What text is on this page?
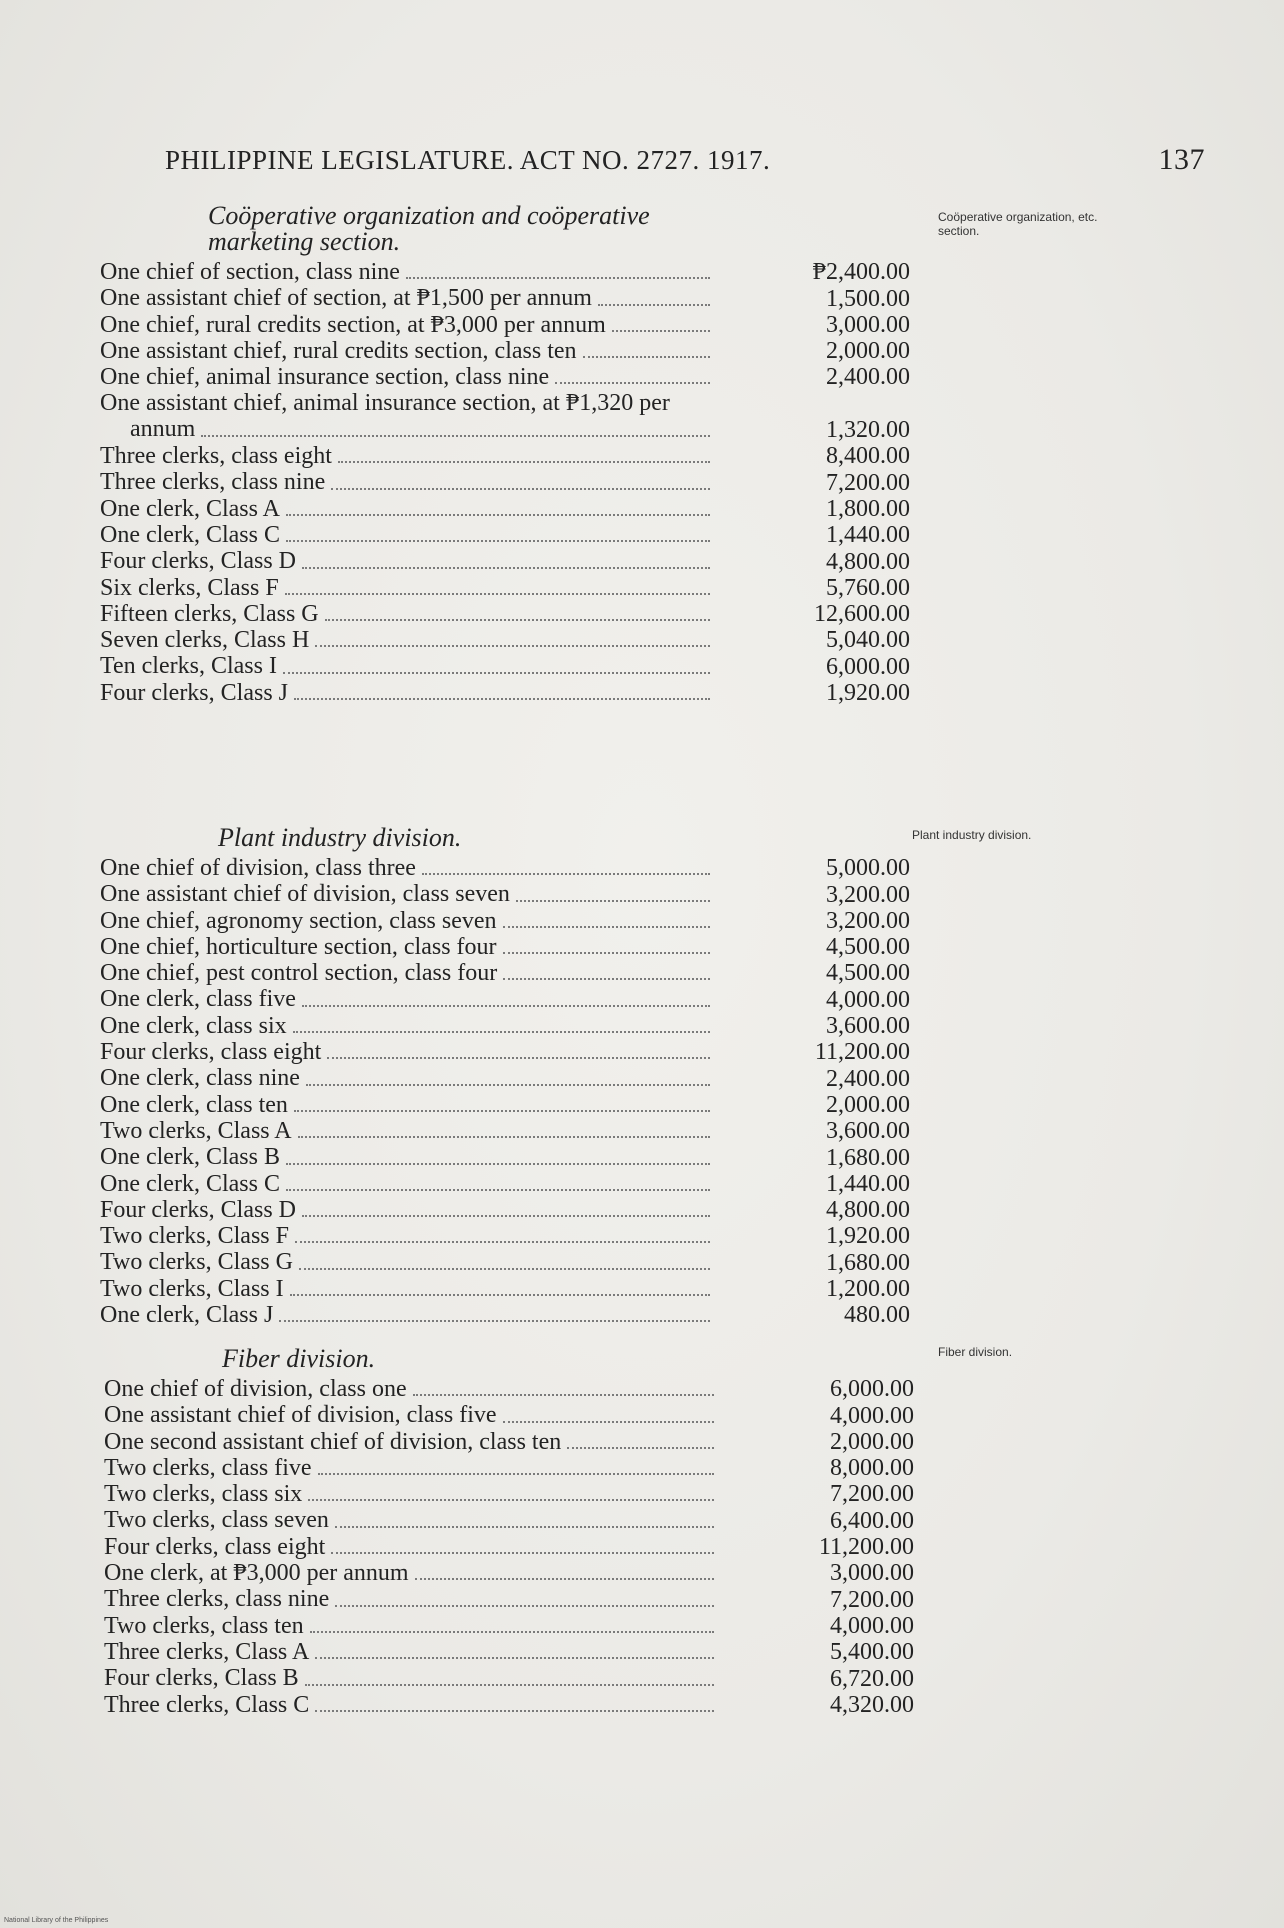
PHILIPPINE LEGISLATURE. ACT NO. 2727. 1917.	137
Coöperative organization and coöperative marketing section.
One chief of section, class nine	₱2,400.00
One assistant chief of section, at ₱1,500 per annum	1,500.00
One chief, rural credits section, at ₱3,000 per annum	3,000.00
One assistant chief, rural credits section, class ten	2,000.00
One chief, animal insurance section, class nine	2,400.00
One assistant chief, animal insurance section, at ₱1,320 per
annum	1,320.00
Three clerks, class eight	8,400.00
Three clerks, class nine	7,200.00
One clerk, Class A	1,800.00
One clerk, Class C	1,440.00
Four clerks, Class D	4,800.00
Six clerks, Class F	5,760.00
Fifteen clerks, Class G	12,600.00
Seven clerks, Class H	5,040.00
Ten clerks, Class I	6,000.00
Four clerks, Class J	1,920.00
Coöperative organization, etc. section.
Plant industry division.
One chief of division, class three	5,000.00
One assistant chief of division, class seven	3,200.00
One chief, agronomy section, class seven	3,200.00
One chief, horticulture section, class four	4,500.00
One chief, pest control section, class four	4,500.00
One clerk, class five	4,000.00
One clerk, class six	3,600.00
Four clerks, class eight	11,200.00
One clerk, class nine	2,400.00
One clerk, class ten	2,000.00
Two clerks, Class A	3,600.00
One clerk, Class B	1,680.00
One clerk, Class C	1,440.00
Four clerks, Class D	4,800.00
Two clerks, Class F	1,920.00
Two clerks, Class G	1,680.00
Two clerks, Class I	1,200.00
One clerk, Class J	480.00
Plant industry division.
Fiber division.
One chief of division, class one	6,000.00
One assistant chief of division, class five	4,000.00
One second assistant chief of division, class ten	2,000.00
Two clerks, class five	8,000.00
Two clerks, class six	7,200.00
Two clerks, class seven	6,400.00
Four clerks, class eight	11,200.00
One clerk, at ₱3,000 per annum	3,000.00
Three clerks, class nine	7,200.00
Two clerks, class ten	4,000.00
Three clerks, Class A	5,400.00
Four clerks, Class B	6,720.00
Three clerks, Class C	4,320.00
Fiber division.
National Library of the Philippines
